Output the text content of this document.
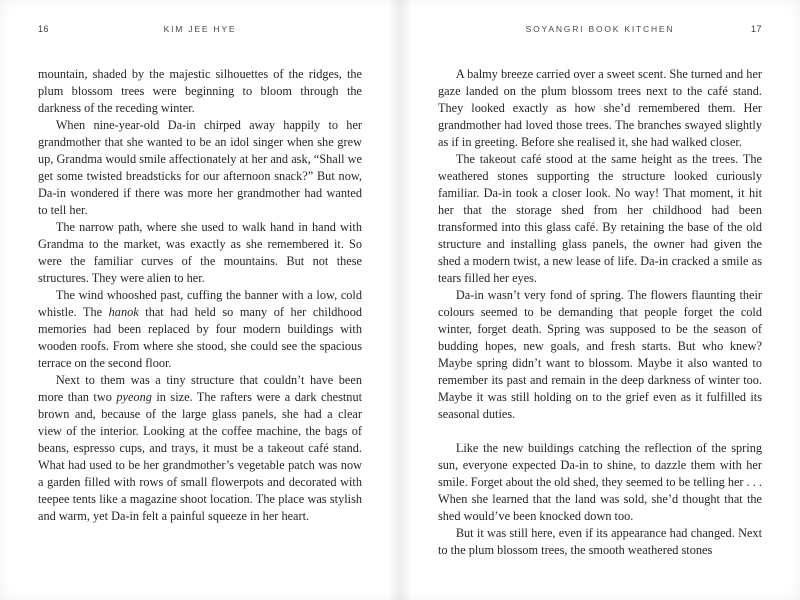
16	KIM JEE HYE

mountain, shaded by the majestic silhouettes of the ridges, the plum blossom trees were beginning to bloom through the darkness of the receding winter.

When nine-year-old Da-in chirped away happily to her grandmother that she wanted to be an idol singer when she grew up, Grandma would smile affectionately at her and ask, “Shall we get some twisted breadsticks for our afternoon snack?” But now, Da-in wondered if there was more her grandmother had wanted to tell her.

The narrow path, where she used to walk hand in hand with Grandma to the market, was exactly as she remembered it. So were the familiar curves of the mountains. But not these structures. They were alien to her.

The wind whooshed past, cuffing the banner with a low, cold whistle. The hanok that had held so many of her childhood memories had been replaced by four modern buildings with wooden roofs. From where she stood, she could see the spacious terrace on the second floor.

Next to them was a tiny structure that couldn’t have been more than two pyeong in size. The rafters were a dark chestnut brown and, because of the large glass panels, she had a clear view of the interior. Looking at the coffee machine, the bags of beans, espresso cups, and trays, it must be a takeout café stand. What had used to be her grandmother’s vegetable patch was now a garden filled with rows of small flowerpots and decorated with teepee tents like a magazine shoot location. The place was stylish and warm, yet Da-in felt a painful squeeze in her heart.

SOYANGRI BOOK KITCHEN	17

A balmy breeze carried over a sweet scent. She turned and her gaze landed on the plum blossom trees next to the café stand. They looked exactly as how she’d remembered them. Her grandmother had loved those trees. The branches swayed slightly as if in greeting. Before she realised it, she had walked closer.

The takeout café stood at the same height as the trees. The weathered stones supporting the structure looked curiously familiar. Da-in took a closer look. No way! That moment, it hit her that the storage shed from her childhood had been transformed into this glass café. By retaining the base of the old structure and installing glass panels, the owner had given the shed a modern twist, a new lease of life. Da-in cracked a smile as tears filled her eyes.

Da-in wasn’t very fond of spring. The flowers flaunting their colours seemed to be demanding that people forget the cold winter, forget death. Spring was supposed to be the season of budding hopes, new goals, and fresh starts. But who knew? Maybe spring didn’t want to blossom. Maybe it also wanted to remember its past and remain in the deep darkness of winter too. Maybe it was still holding on to the grief even as it fulfilled its seasonal duties.

Like the new buildings catching the reflection of the spring sun, everyone expected Da-in to shine, to dazzle them with her smile. Forget about the old shed, they seemed to be telling her . . . When she learned that the land was sold, she’d thought that the shed would’ve been knocked down too.

But it was still here, even if its appearance had changed. Next to the plum blossom trees, the smooth weathered stones
